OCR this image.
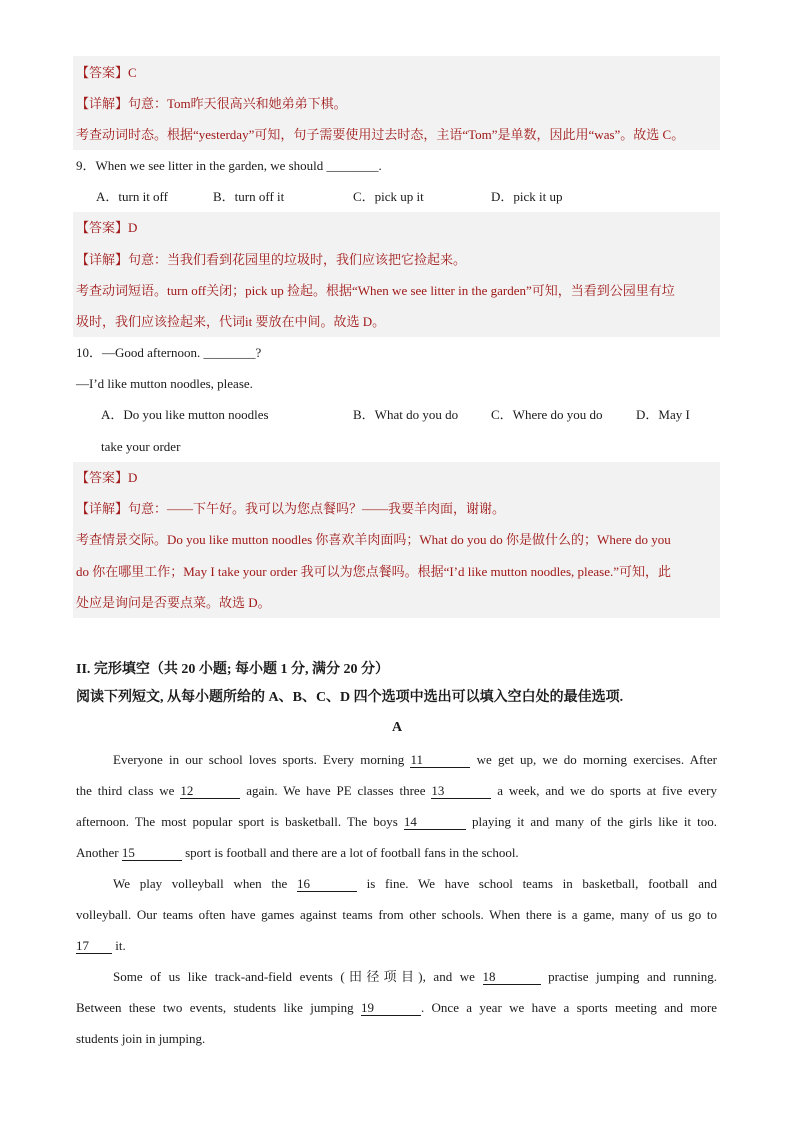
【答案】C
【详解】句意：Tom昨天很高兴和她弟弟下棋。
考查动词时态。根据“yesterday”可知，句子需要使用过去时态，主语“Tom”是单数，因此用“was”。故选 C。
9．When we see litter in the garden, we should ________.
A．turn it off	B．turn off it	C．pick up it	D．pick it up
【答案】D
【详解】句意：当我们看到花园里的垃圾时，我们应该把它捡起来。
考查动词短语。turn off关闭；pick up 捡起。根据“When we see litter in the garden”可知，当看到公园里有垃
圾时，我们应该捡起来，代词it 要放在中间。故选 D。
10．—Good afternoon. ________?
—I’d like mutton noodles, please.
A．Do you like mutton noodles	B．What do you do	C．Where do you do	D．May I
take your order
【答案】D
【详解】句意：——下午好。我可以为您点餐吗？——我要羊肉面，谢谢。
考查情景交际。Do you like mutton noodles 你喜欢羊肉面吗；What do you do 你是做什么的；Where do you
do 你在哪里工作；May I take your order 我可以为您点餐吗。根据“I’d like mutton noodles, please.”可知，此
处应是询问是否要点菜。故选 D。
II. 完形填空（共 20 小题; 每小题 1 分, 满分 20 分）
阅读下列短文, 从每小题所给的 A、B、C、D 四个选项中选出可以填入空白处的最佳选项.
A
Everyone in our school loves sports. Every morning 11	we get up, we do morning exercises. After
the third class we 12	again. We have PE classes three 13	a week, and we do sports at five every
afternoon. The most popular sport is basketball. The boys 14	playing it and many of the girls like it too.
Another 15	sport is football and there are a lot of football fans in the school.
We play volleyball when the 16	is fine. We have school teams in basketball, football and
volleyball. Our teams often have games against teams from other schools. When there is a game, many of us go to
17 it.
Some of us like track-and-field events (田径项目), and we 18	practise jumping and running.
Between these two events, students like jumping 19	. Once a year we have a sports meeting and more
students join in jumping.
